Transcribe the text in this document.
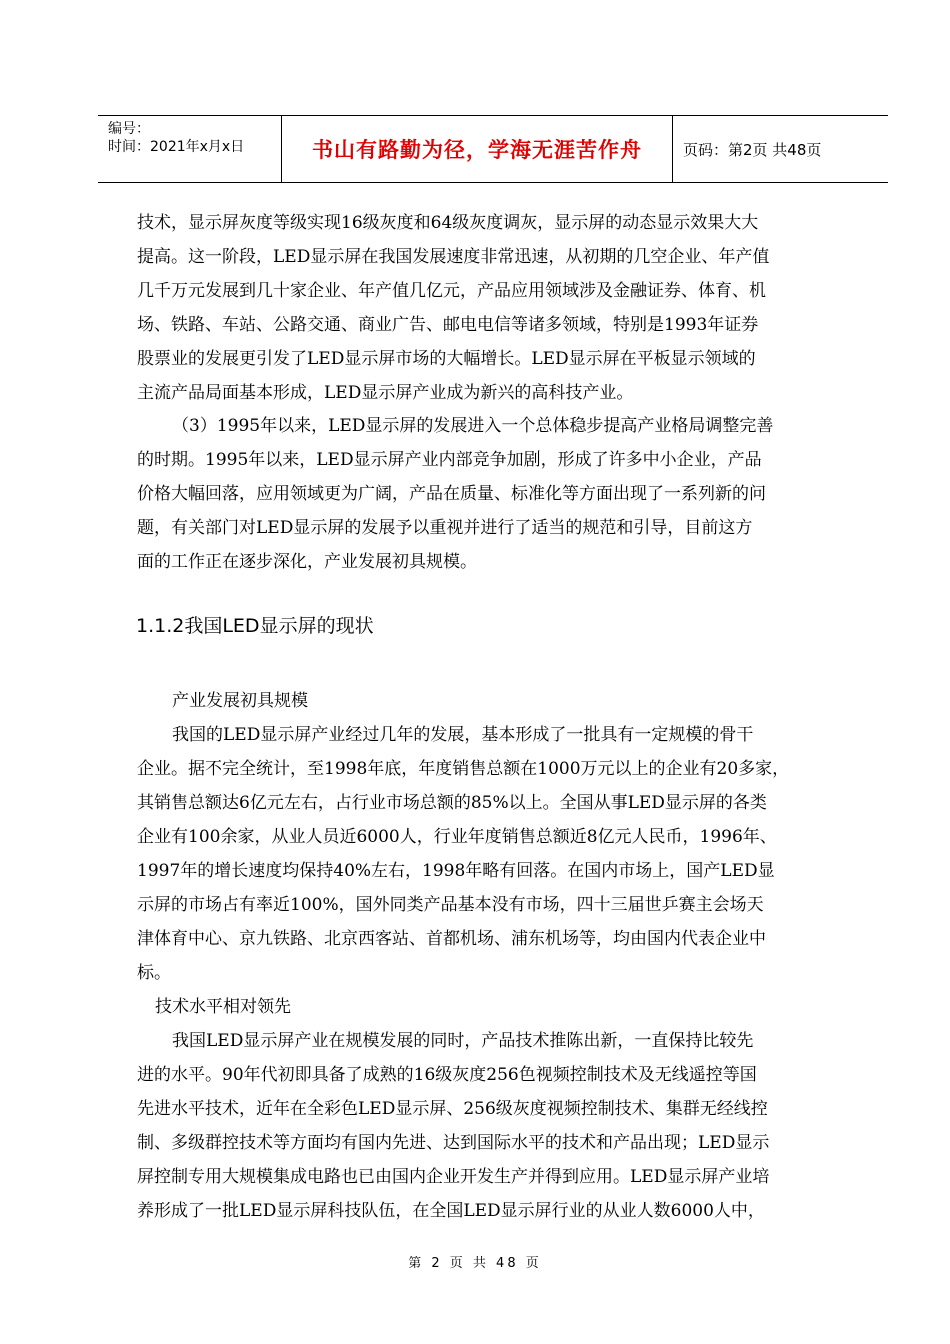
编号：
时间：2021年x月x日	书山有路勤为径，学海无涯苦作舟	页码：第2页 共48页
技术，显示屏灰度等级实现16级灰度和64级灰度调灰，显示屏的动态显示效果大大
提高。这一阶段，LED显示屏在我国发展速度非常迅速，从初期的几空企业、年产值
几千万元发展到几十家企业、年产值几亿元，产品应用领域涉及金融证券、体育、机
场、铁路、车站、公路交通、商业广告、邮电电信等诸多领域，特别是1993年证券
股票业的发展更引发了LED显示屏市场的大幅增长。LED显示屏在平板显示领域的
主流产品局面基本形成，LED显示屏产业成为新兴的高科技产业。
（3）1995年以来，LED显示屏的发展进入一个总体稳步提高产业格局调整完善
的时期。1995年以来，LED显示屏产业内部竞争加剧，形成了许多中小企业，产品
价格大幅回落，应用领域更为广阔，产品在质量、标准化等方面出现了一系列新的问
题，有关部门对LED显示屏的发展予以重视并进行了适当的规范和引导，目前这方
面的工作正在逐步深化，产业发展初具规模。
1.1.2我国LED显示屏的现状
产业发展初具规模
我国的LED显示屏产业经过几年的发展，基本形成了一批具有一定规模的骨干
企业。据不完全统计，至1998年底，年度销售总额在1000万元以上的企业有20多家，
其销售总额达6亿元左右，占行业市场总额的85%以上。全国从事LED显示屏的各类
企业有100余家，从业人员近6000人，行业年度销售总额近8亿元人民币，1996年、
1997年的增长速度均保持40%左右，1998年略有回落。在国内市场上，国产LED显
示屏的市场占有率近100%，国外同类产品基本没有市场，四十三届世乒赛主会场天
津体育中心、京九铁路、北京西客站、首都机场、浦东机场等，均由国内代表企业中
标。
技术水平相对领先
我国LED显示屏产业在规模发展的同时，产品技术推陈出新，一直保持比较先
进的水平。90年代初即具备了成熟的16级灰度256色视频控制技术及无线遥控等国
先进水平技术，近年在全彩色LED显示屏、256级灰度视频控制技术、集群无经线控
制、多级群控技术等方面均有国内先进、达到国际水平的技术和产品出现；LED显示
屏控制专用大规模集成电路也已由国内企业开发生产并得到应用。LED显示屏产业培
养形成了一批LED显示屏科技队伍，在全国LED显示屏行业的从业人数6000人中，
第 2 页 共 48 页
